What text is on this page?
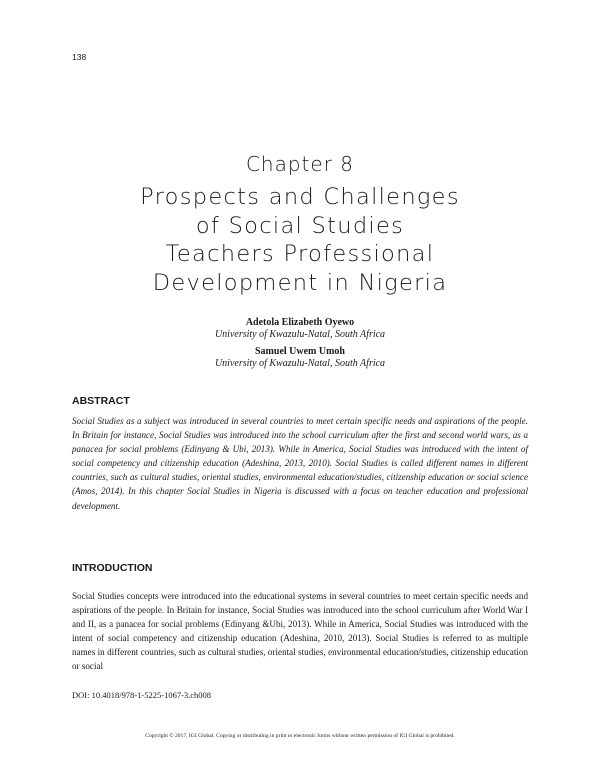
138
Chapter 8
Prospects and Challenges
of Social Studies
Teachers Professional
Development in Nigeria
Adetola Elizabeth Oyewo
University of Kwazulu-Natal, South Africa
Samuel Uwem Umoh
University of Kwazulu-Natal, South Africa
ABSTRACT
Social Studies as a subject was introduced in several countries to meet certain specific needs and aspirations of the people. In Britain for instance, Social Studies was introduced into the school curriculum after the first and second world wars, as a panacea for social problems (Edinyang & Ubi, 2013). While in America, Social Studies was introduced with the intent of social competency and citizenship education (Adeshina, 2013, 2010). Social Studies is called different names in different countries, such as cultural studies, oriental studies, environmental education/studies, citizenship education or social science (Amos, 2014). In this chapter Social Studies in Nigeria is discussed with a focus on teacher education and professional development.
INTRODUCTION
Social Studies concepts were introduced into the educational systems in several countries to meet certain specific needs and aspirations of the people. In Britain for instance, Social Studies was introduced into the school curriculum after World War I and II, as a panacea for social problems (Edinyang &Ubi, 2013). While in America, Social Studies was introduced with the intent of social competency and citizenship education (Adeshina, 2010, 2013). Social Studies is referred to as multiple names in different countries, such as cultural studies, oriental studies, environmental education/studies, citizenship education or social
DOI: 10.4018/978-1-5225-1067-3.ch008
Copyright © 2017, IGI Global. Copying or distributing in print or electronic forms without written permission of IGI Global is prohibited.
